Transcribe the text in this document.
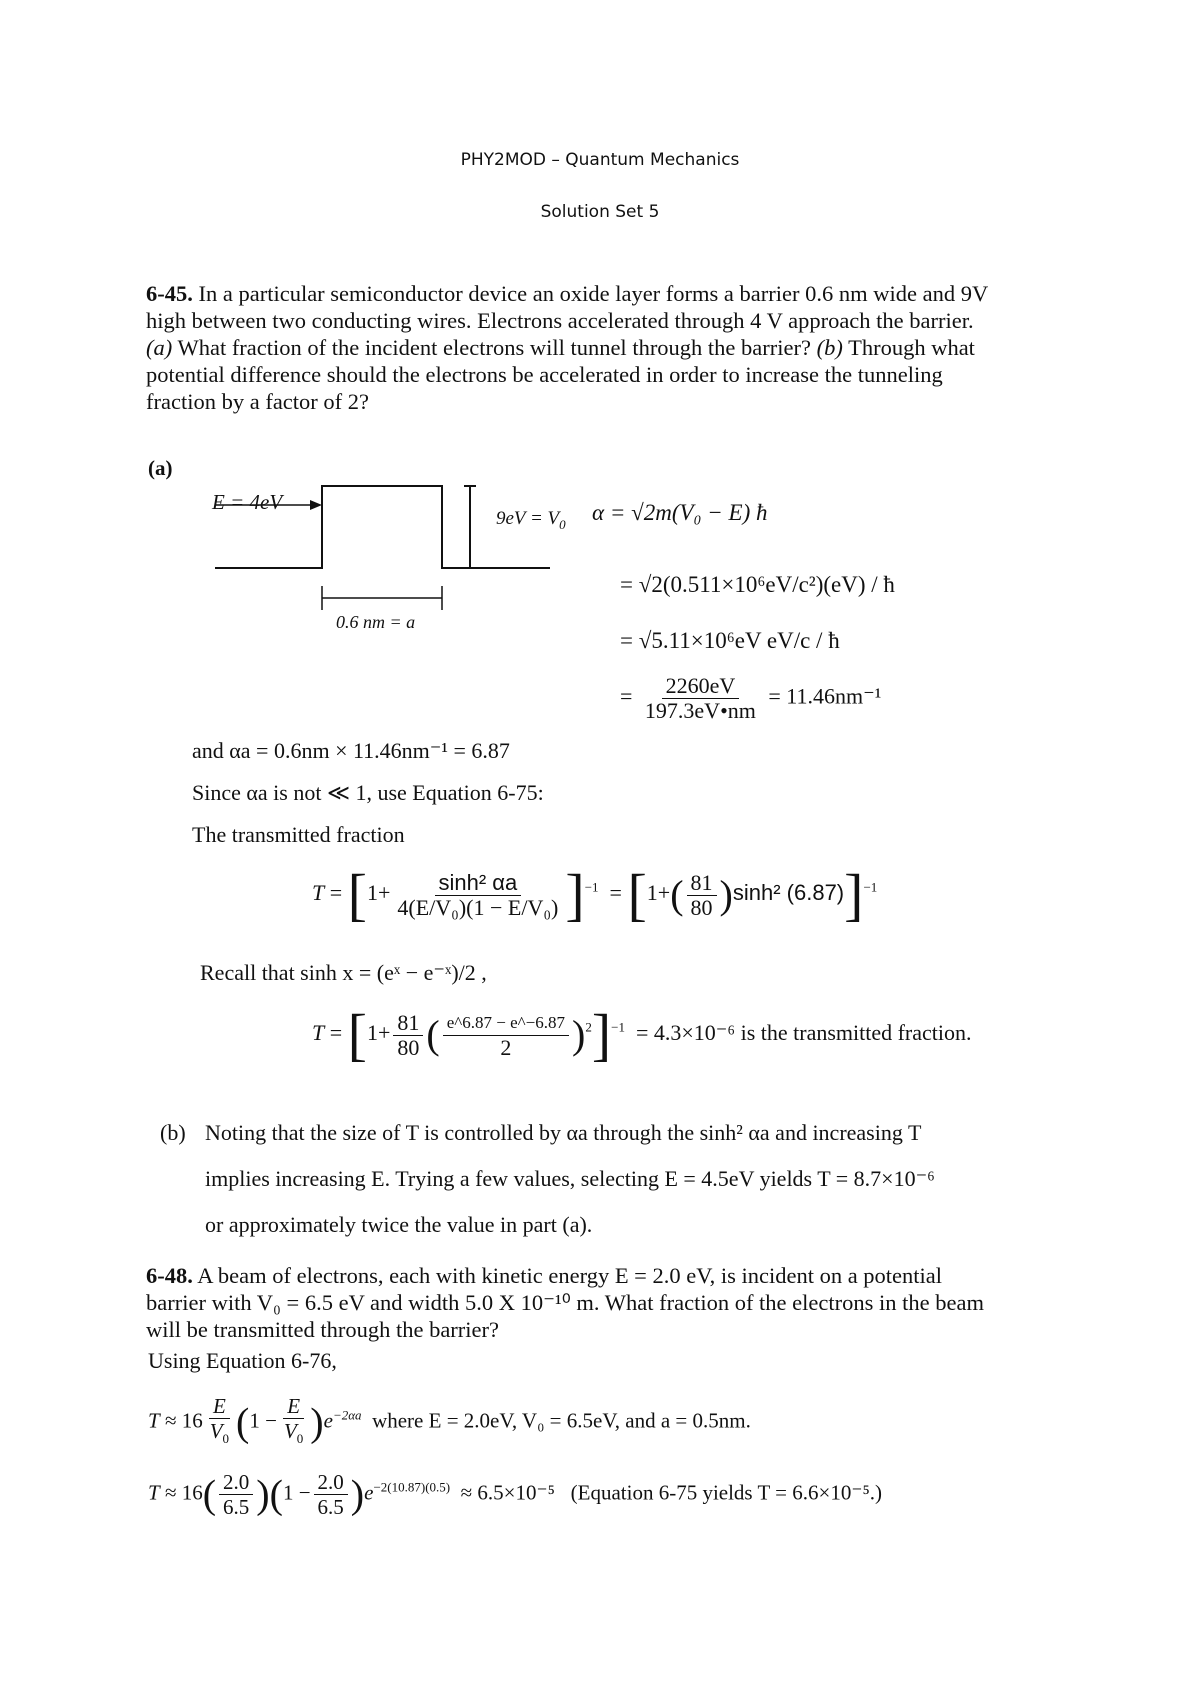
PHY2MOD – Quantum Mechanics
Solution Set 5
6-45. In a particular semiconductor device an oxide layer forms a barrier 0.6 nm wide and 9V
high between two conducting wires. Electrons accelerated through 4 V approach the barrier.
(a) What fraction of the incident electrons will tunnel through the barrier? (b) Through what
potential difference should the electrons be accelerated in order to increase the tunneling
fraction by a factor of 2?
(a)
E = 4eV
$9eV = V_0$
0.6 nm = a
α = √2m(V₀ − E) ħ
= √2(0.511×10⁶eV/c²)(eV) / ħ
= √5.11×10⁶eV eV/c / ħ
= $\frac{2260eV}{197.3eV•nm} = 11.46nm^{-1}$
and αa = 0.6nm × 11.46nm⁻¹ = 6.87
Since αa is not ≪ 1, use Equation 6-75:
The transmitted fraction
$T = [1+ \frac{\text{sinh² αa}}{\text{4(E/V₀)(1 − E/V₀)}} ]^{-1} = [1+( \frac{81}{80} )\sinh^2$ (6.87)]$^{-1}$
Recall that sinh x = (eˣ − e⁻ˣ)/2 ,
$T = [1+ \frac{81}{80}$ ( $\frac{e\^{}6.87 - e\^{}-6.87}{2} )^2]^{-1} = 4.3\times 10^{-6}$ is the transmitted fraction.
(b) Noting that the size of T is controlled by αa through the sinh² αa and increasing T
implies increasing E. Trying a few values, selecting E = 4.5eV yields T = 8.7×10⁻⁶
or approximately twice the value in part (a).
6-48. A beam of electrons, each with kinetic energy E = 2.0 eV, is incident on a potential
barrier with V₀ = 6.5 eV and width 5.0 X 10⁻¹⁰ m. What fraction of the electrons in the beam
will be transmitted through the barrier?
Using Equation 6-76,
$T \approx 16 \frac{E}{V_0} (1 - \frac{E}{V_0} )e^{-2\alpha a}$ where E = 2.0eV, V₀ = 6.5eV, and a = 0.5nm.
$T \approx 16( \frac{2.0}{6.5} )(1 - \frac{2.0}{6.5} )e^{-2(10.87)(0.5)} \approx 6.5\times 10^{-5}$ (Equation 6-75 yields T = 6.6×10⁻⁵.)
